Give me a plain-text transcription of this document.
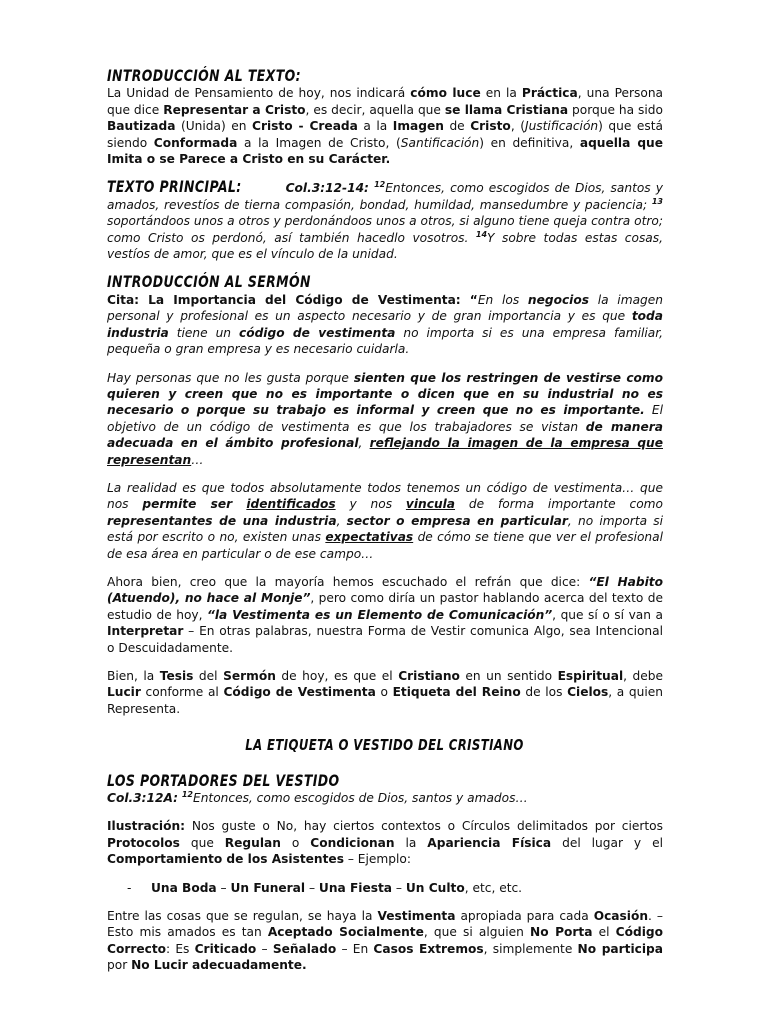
INTRODUCCIÓN AL TEXTO:
La Unidad de Pensamiento de hoy, nos indicará cómo luce en la Práctica, una Persona que dice Representar a Cristo, es decir, aquella que se llama Cristiana porque ha sido Bautizada (Unida) en Cristo - Creada a la Imagen de Cristo, (Justificación) que está siendo Conformada a la Imagen de Cristo, (Santificación) en definitiva, aquella que Imita o se Parece a Cristo en su Carácter.
TEXTO PRINCIPAL:	Col.3:12-14: $^{12}$Entonces, como escogidos de Dios, santos y amados, revestíos de tierna compasión, bondad, humildad, mansedumbre y paciencia; $^{13}$ soportándoos unos a otros y perdonándoos unos a otros, si alguno tiene queja contra otro; como Cristo os perdonó, así también hacedlo vosotros. $^{14}$Y sobre todas estas cosas, vestíos de amor, que es el vínculo de la unidad.
INTRODUCCIÓN AL SERMÓN
Cita: La Importancia del Código de Vestimenta: “En los negocios la imagen personal y profesional es un aspecto necesario y de gran importancia y es que toda industria tiene un código de vestimenta no importa si es una empresa familiar, pequeña o gran empresa y es necesario cuidarla.
Hay personas que no les gusta porque sienten que los restringen de vestirse como quieren y creen que no es importante o dicen que en su industrial no es necesario o porque su trabajo es informal y creen que no es importante. El objetivo de un código de vestimenta es que los trabajadores se vistan de manera adecuada en el ámbito profesional, reflejando la imagen de la empresa que representan…
La realidad es que todos absolutamente todos tenemos un código de vestimenta… que nos permite ser identificados y nos vincula de forma importante como representantes de una industria, sector o empresa en particular, no importa si está por escrito o no, existen unas expectativas de cómo se tiene que ver el profesional de esa área en particular o de ese campo…
Ahora bien, creo que la mayoría hemos escuchado el refrán que dice: “El Habito (Atuendo), no hace al Monje”, pero como diría un pastor hablando acerca del texto de estudio de hoy, “la Vestimenta es un Elemento de Comunicación”, que sí o sí van a Interpretar – En otras palabras, nuestra Forma de Vestir comunica Algo, sea Intencional o Descuidadamente.
Bien, la Tesis del Sermón de hoy, es que el Cristiano en un sentido Espiritual, debe Lucir conforme al Código de Vestimenta o Etiqueta del Reino de los Cielos, a quien Representa.
LA ETIQUETA O VESTIDO DEL CRISTIANO
LOS PORTADORES DEL VESTIDO
Col.3:12A: $^{12}$Entonces, como escogidos de Dios, santos y amados…
Ilustración: Nos guste o No, hay ciertos contextos o Círculos delimitados por ciertos Protocolos que Regulan o Condicionan la Apariencia Física del lugar y el Comportamiento de los Asistentes – Ejemplo:
-	Una Boda – Un Funeral – Una Fiesta – Un Culto, etc, etc.
Entre las cosas que se regulan, se haya la Vestimenta apropiada para cada Ocasión. – Esto mis amados es tan Aceptado Socialmente, que si alguien No Porta el Código Correcto: Es Criticado – Señalado – En Casos Extremos, simplemente No participa por No Lucir adecuadamente.
